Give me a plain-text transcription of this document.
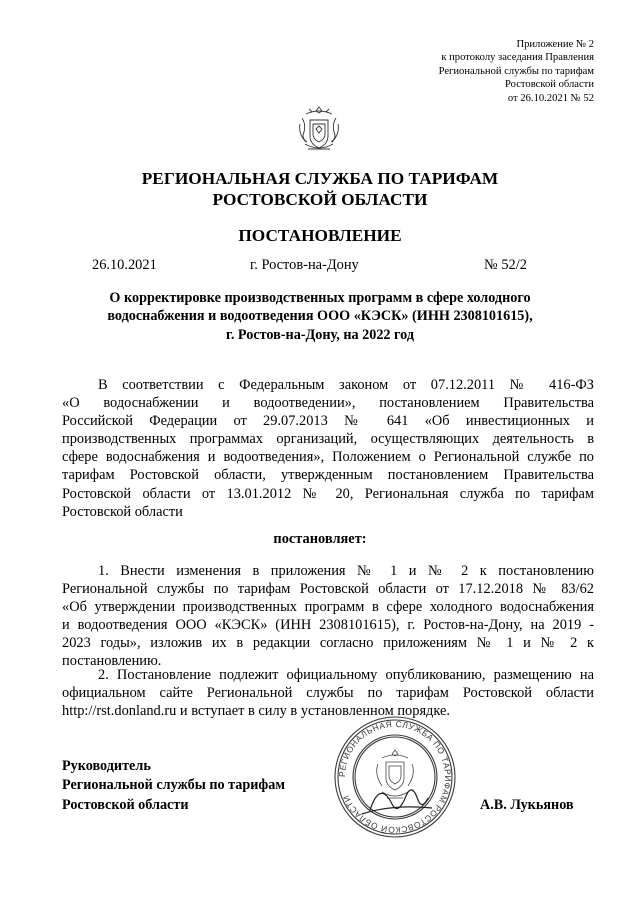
Приложение № 2
к протоколу заседания Правления
Региональной службы по тарифам
Ростовской области
от 26.10.2021 № 52
РЕГИОНАЛЬНАЯ СЛУЖБА ПО ТАРИФАМ
РОСТОВСКОЙ ОБЛАСТИ
ПОСТАНОВЛЕНИЕ
26.10.2021	г. Ростов-на-Дону	№ 52/2
О корректировке производственных программ в сфере холодного
водоснабжения и водоотведения ООО «КЭСК» (ИНН 2308101615),
г. Ростов-на-Дону, на 2022 год
В соответствии с Федеральным законом от 07.12.2011 № 416-ФЗ
«О водоснабжении и водоотведении», постановлением Правительства
Российской Федерации от 29.07.2013 № 641 «Об инвестиционных и
производственных программах организаций, осуществляющих деятельность в
сфере водоснабжения и водоотведения», Положением о Региональной службе по
тарифам Ростовской области, утвержденным постановлением Правительства
Ростовской области от 13.01.2012 № 20, Региональная служба по тарифам
Ростовской области
постановляет:
1. Внести изменения в приложения № 1 и № 2 к постановлению
Региональной службы по тарифам Ростовской области от 17.12.2018 № 83/62
«Об утверждении производственных программ в сфере холодного водоснабжения
и водоотведения ООО «КЭСК» (ИНН 2308101615), г. Ростов-на-Дону, на 2019 -
2023 годы», изложив их в редакции согласно приложениям № 1 и № 2 к
постановлению.
2. Постановление подлежит официальному опубликованию, размещению на
официальном сайте Региональной службы по тарифам Ростовской области
http://rst.donland.ru и вступает в силу в установленном порядке.
Руководитель
Региональной службы по тарифам
Ростовской области	А.В. Лукьянов
РЕГИОНАЛЬНАЯ СЛУЖБА ПО ТАРИФАМ РОСТОВСКОЙ ОБЛАСТИ
